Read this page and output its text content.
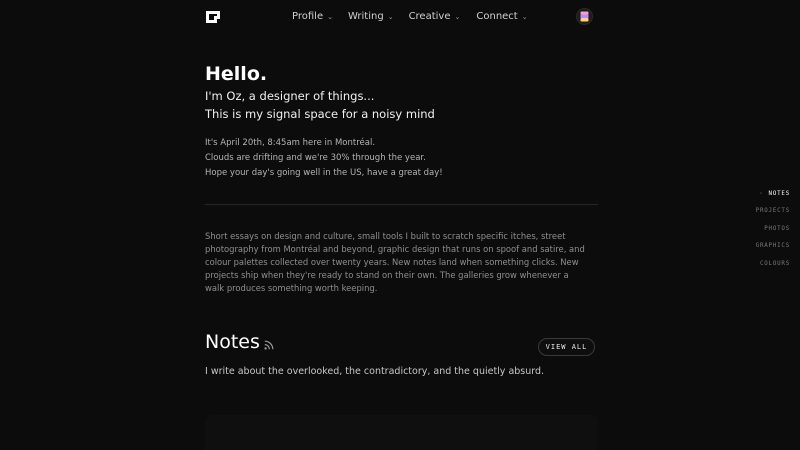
Profile ⌄ Writing ⌄ Creative ⌄ Connect ⌄
Hello.
I'm Oz, a designer of things...
This is my signal space for a noisy mind
It's April 20th, 8:45am here in Montréal.
Clouds are drifting and we're 30% through the year.
Hope your day's going well in the US, have a great day!

Short essays on design and culture, small tools I built to scratch specific itches, street photography from Montréal and beyond, graphic design that runs on spoof and satire, and colour palettes collected over twenty years. New notes land when something clicks. New projects ship when they're ready to stand on their own. The galleries grow whenever a walk produces something worth keeping.

Notes	VIEW ALL
I write about the overlooked, the contradictory, and the quietly absurd.
· NOTES
PROJECTS
PHOTOS
GRAPHICS
COLOURS
